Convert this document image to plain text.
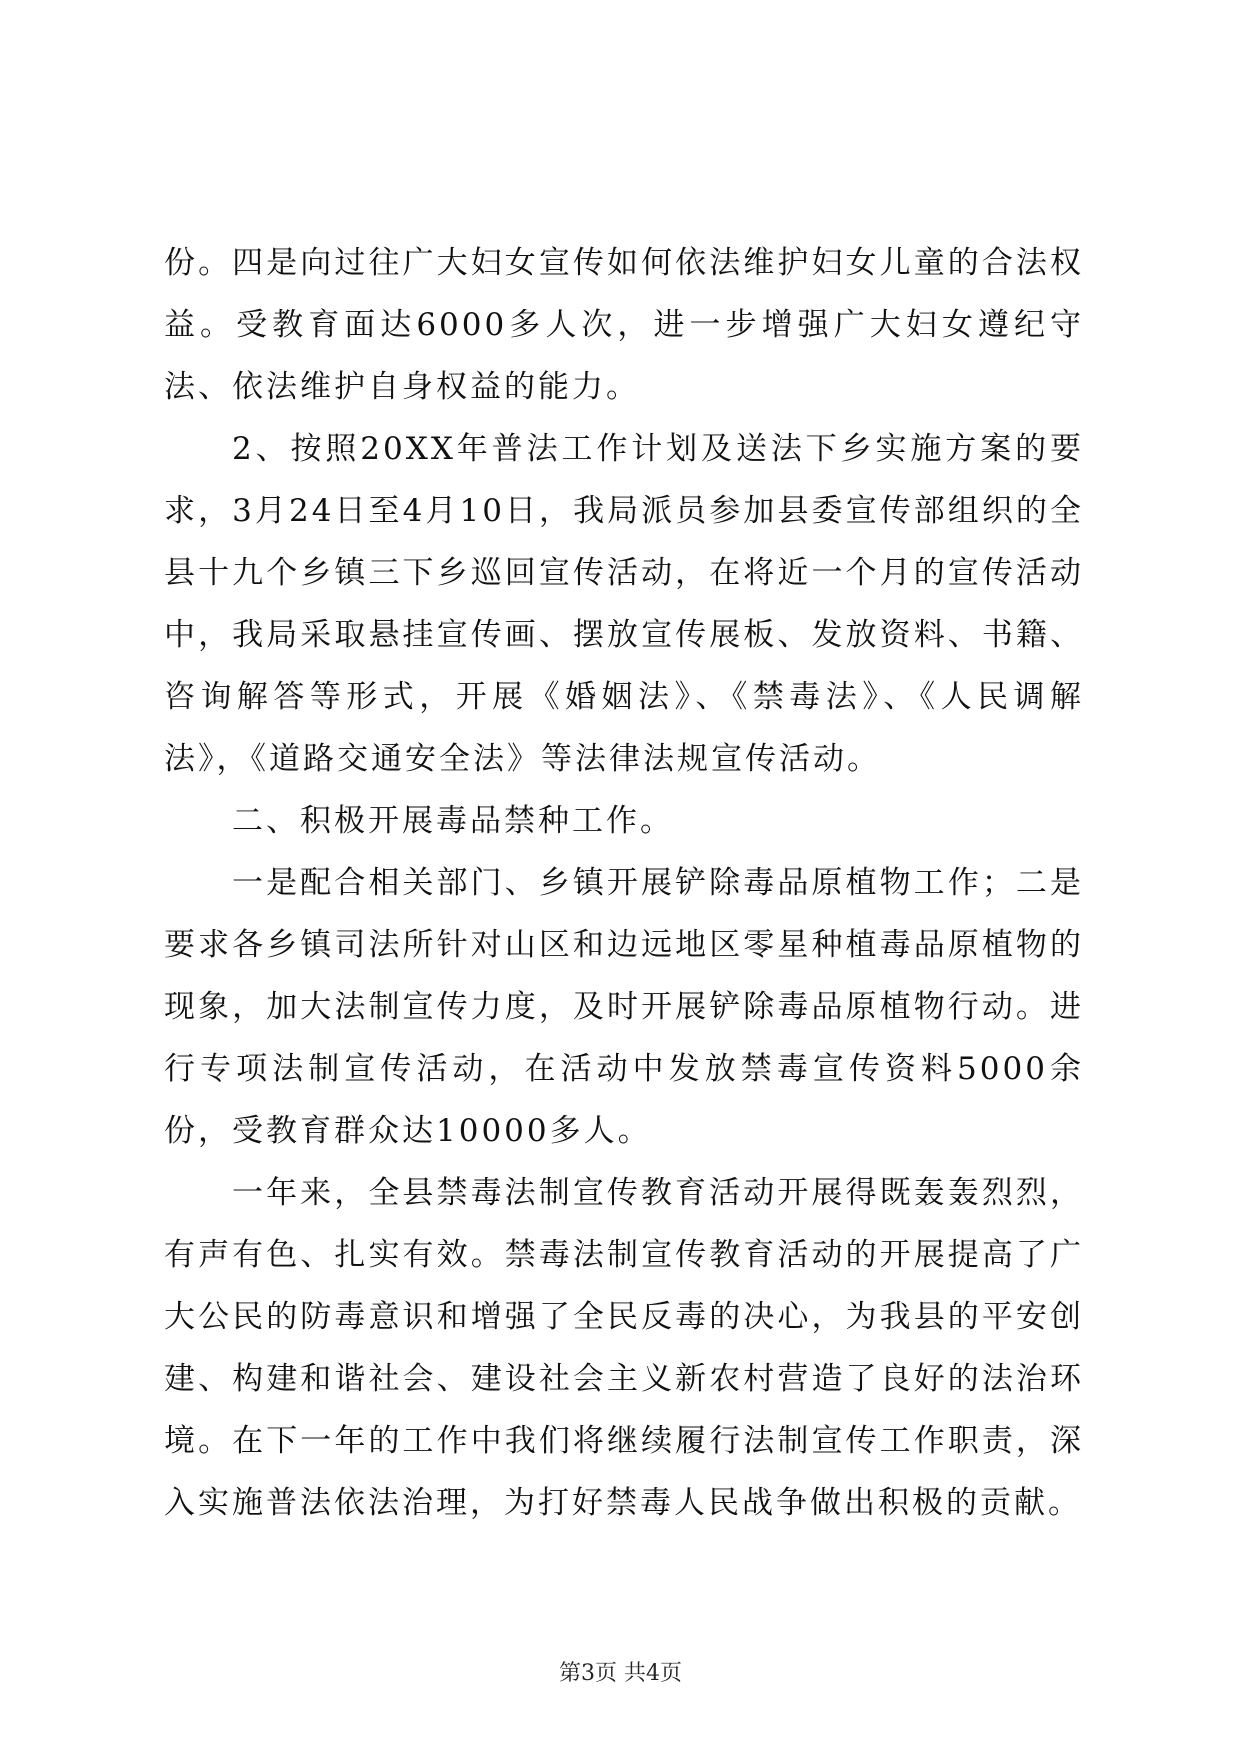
份。四是向过往广大妇女宣传如何依法维护妇女儿童的合法权益。受教育面达6000多人次，进一步增强广大妇女遵纪守法、依法维护自身权益的能力。

2、按照20XX年普法工作计划及送法下乡实施方案的要求，3月24日至4月10日，我局派员参加县委宣传部组织的全县十九个乡镇三下乡巡回宣传活动，在将近一个月的宣传活动中，我局采取悬挂宣传画、摆放宣传展板、发放资料、书籍、咨询解答等形式，开展《婚姻法》、《禁毒法》、《人民调解法》，《道路交通安全法》等法律法规宣传活动。

二、积极开展毒品禁种工作。

一是配合相关部门、乡镇开展铲除毒品原植物工作；二是要求各乡镇司法所针对山区和边远地区零星种植毒品原植物的现象，加大法制宣传力度，及时开展铲除毒品原植物行动。进行专项法制宣传活动，在活动中发放禁毒宣传资料5000余份，受教育群众达10000多人。

一年来，全县禁毒法制宣传教育活动开展得既轰轰烈烈，有声有色、扎实有效。禁毒法制宣传教育活动的开展提高了广大公民的防毒意识和增强了全民反毒的决心，为我县的平安创建、构建和谐社会、建设社会主义新农村营造了良好的法治环境。在下一年的工作中我们将继续履行法制宣传工作职责，深入实施普法依法治理，为打好禁毒人民战争做出积极的贡献。

第3页 共4页
